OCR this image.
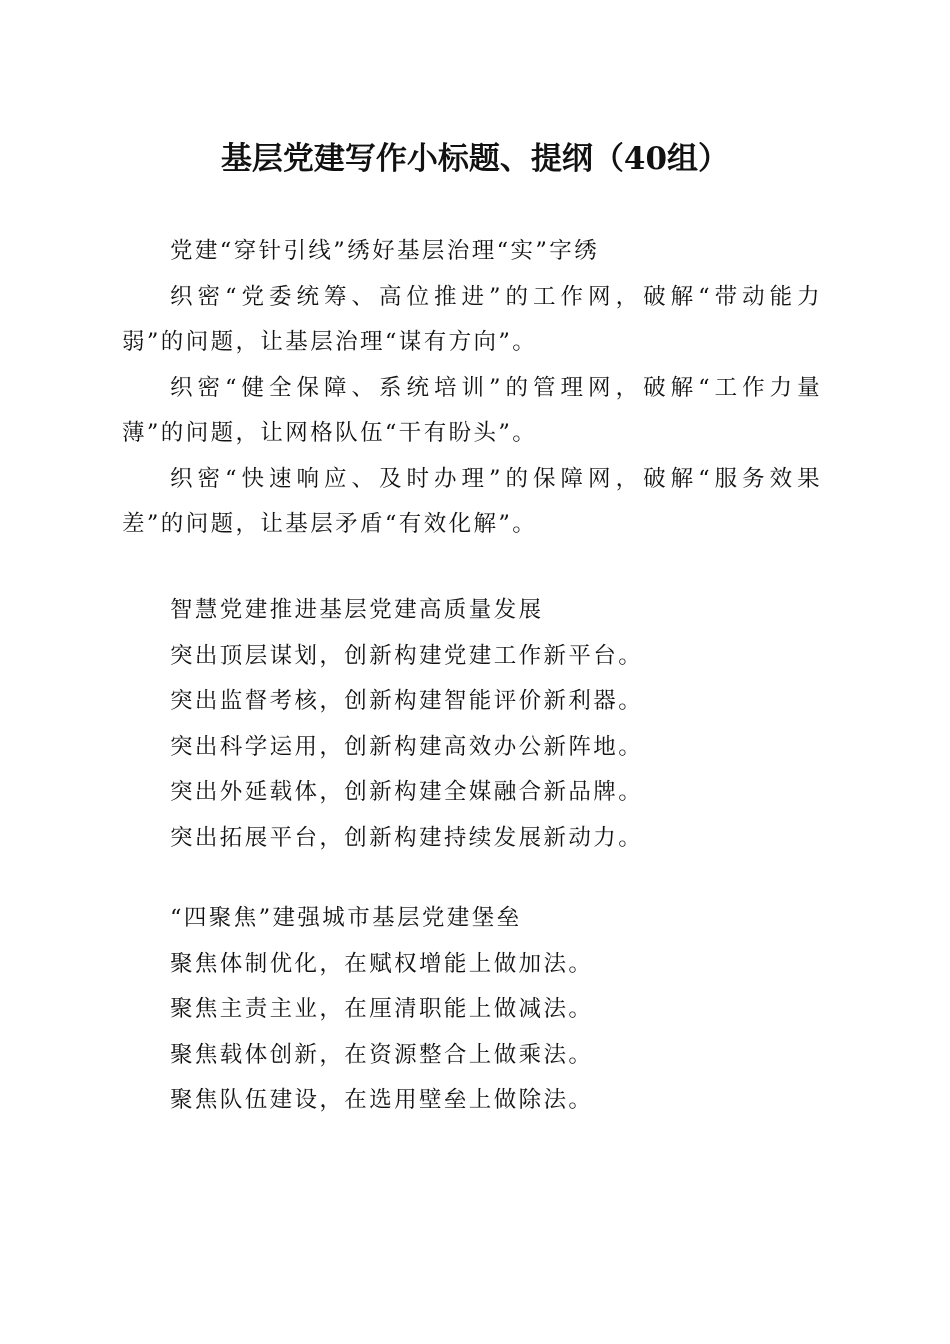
基层党建写作小标题、提纲（40组）

党建“穿针引线”绣好基层治理“实”字绣

织密“党委统筹、高位推进”的工作网，破解“带动能力弱”的问题，让基层治理“谋有方向”。

织密“健全保障、系统培训”的管理网，破解“工作力量薄”的问题，让网格队伍“干有盼头”。

织密“快速响应、及时办理”的保障网，破解“服务效果差”的问题，让基层矛盾“有效化解”。

智慧党建推进基层党建高质量发展

突出顶层谋划，创新构建党建工作新平台。

突出监督考核，创新构建智能评价新利器。

突出科学运用，创新构建高效办公新阵地。

突出外延载体，创新构建全媒融合新品牌。

突出拓展平台，创新构建持续发展新动力。

“四聚焦”建强城市基层党建堡垒

聚焦体制优化，在赋权增能上做加法。

聚焦主责主业，在厘清职能上做减法。

聚焦载体创新，在资源整合上做乘法。

聚焦队伍建设，在选用壁垒上做除法。
